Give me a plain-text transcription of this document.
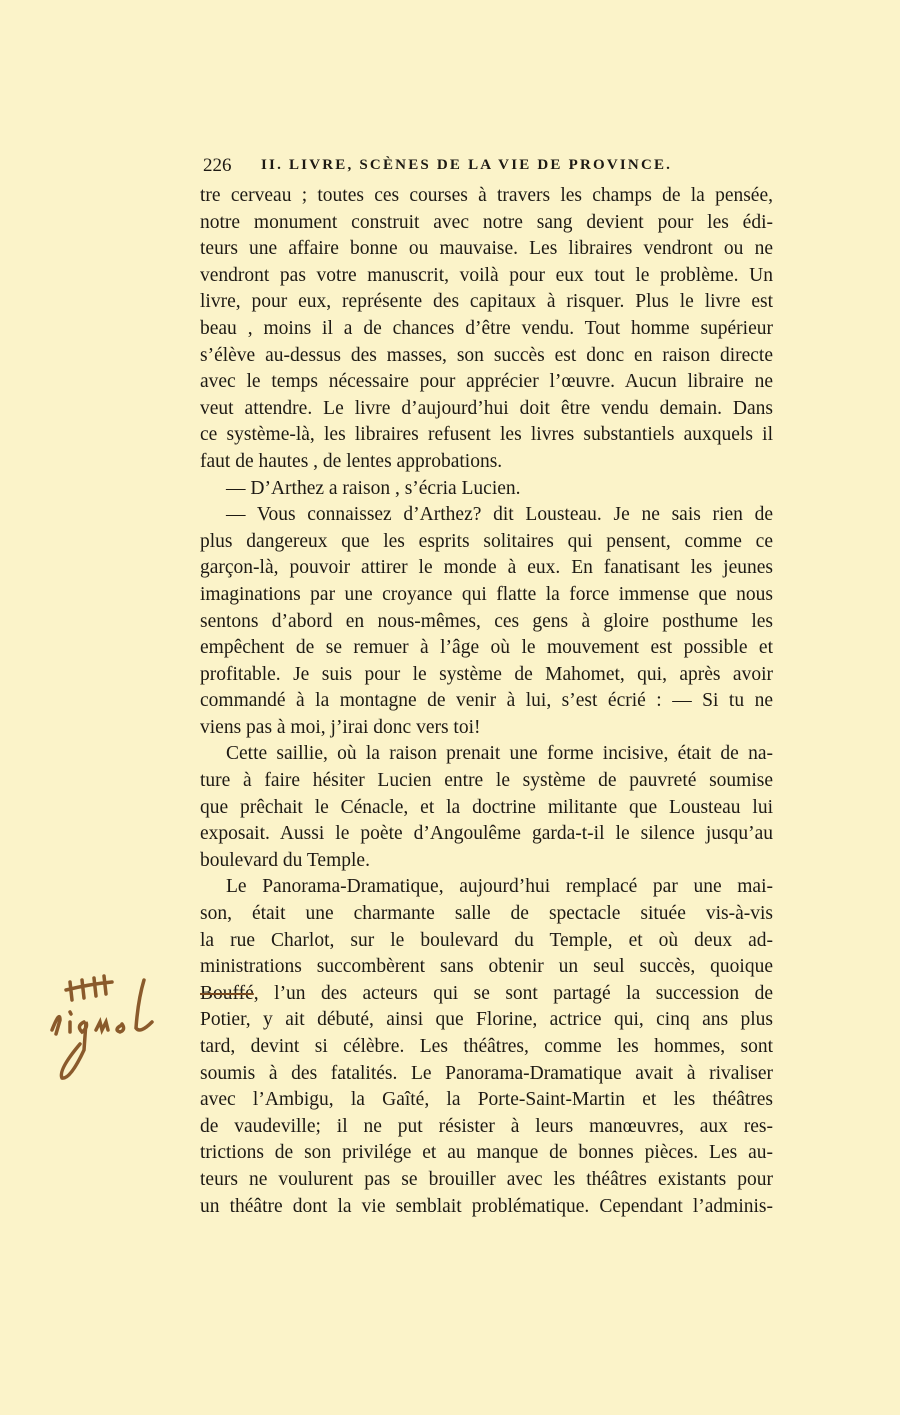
226 II. LIVRE, SCÈNES DE LA VIE DE PROVINCE.
tre cerveau ; toutes ces courses à travers les champs de la pensée,
notre monument construit avec notre sang devient pour les édi-
teurs une affaire bonne ou mauvaise. Les libraires vendront ou ne
vendront pas votre manuscrit, voilà pour eux tout le problème. Un
livre, pour eux, représente des capitaux à risquer. Plus le livre est
beau , moins il a de chances d’être vendu. Tout homme supérieur
s’élève au-dessus des masses, son succès est donc en raison directe
avec le temps nécessaire pour apprécier l’œuvre. Aucun libraire ne
veut attendre. Le livre d’aujourd’hui doit être vendu demain. Dans
ce système-là, les libraires refusent les livres substantiels auxquels il
faut de hautes , de lentes approbations.
— D’Arthez a raison , s’écria Lucien.
— Vous connaissez d’Arthez? dit Lousteau. Je ne sais rien de
plus dangereux que les esprits solitaires qui pensent, comme ce
garçon-là, pouvoir attirer le monde à eux. En fanatisant les jeunes
imaginations par une croyance qui flatte la force immense que nous
sentons d’abord en nous-mêmes, ces gens à gloire posthume les
empêchent de se remuer à l’âge où le mouvement est possible et
profitable. Je suis pour le système de Mahomet, qui, après avoir
commandé à la montagne de venir à lui, s’est écrié : — Si tu ne
viens pas à moi, j’irai donc vers toi!
Cette saillie, où la raison prenait une forme incisive, était de na-
ture à faire hésiter Lucien entre le système de pauvreté soumise
que prêchait le Cénacle, et la doctrine militante que Lousteau lui
exposait. Aussi le poète d’Angoulême garda-t-il le silence jusqu’au
boulevard du Temple.
Le Panorama-Dramatique, aujourd’hui remplacé par une mai-
son, était une charmante salle de spectacle située vis-à-vis
la rue Charlot, sur le boulevard du Temple, et où deux ad-
ministrations succombèrent sans obtenir un seul succès, quoique
Bouffé, l’un des acteurs qui se sont partagé la succession de
Potier, y ait débuté, ainsi que Florine, actrice qui, cinq ans plus
tard, devint si célèbre. Les théâtres, comme les hommes, sont
soumis à des fatalités. Le Panorama-Dramatique avait à rivaliser
avec l’Ambigu, la Gaîté, la Porte-Saint-Martin et les théâtres
de vaudeville; il ne put résister à leurs manœuvres, aux res-
trictions de son privilége et au manque de bonnes pièces. Les au-
teurs ne voulurent pas se brouiller avec les théâtres existants pour
un théâtre dont la vie semblait problématique. Cependant l’adminis-
